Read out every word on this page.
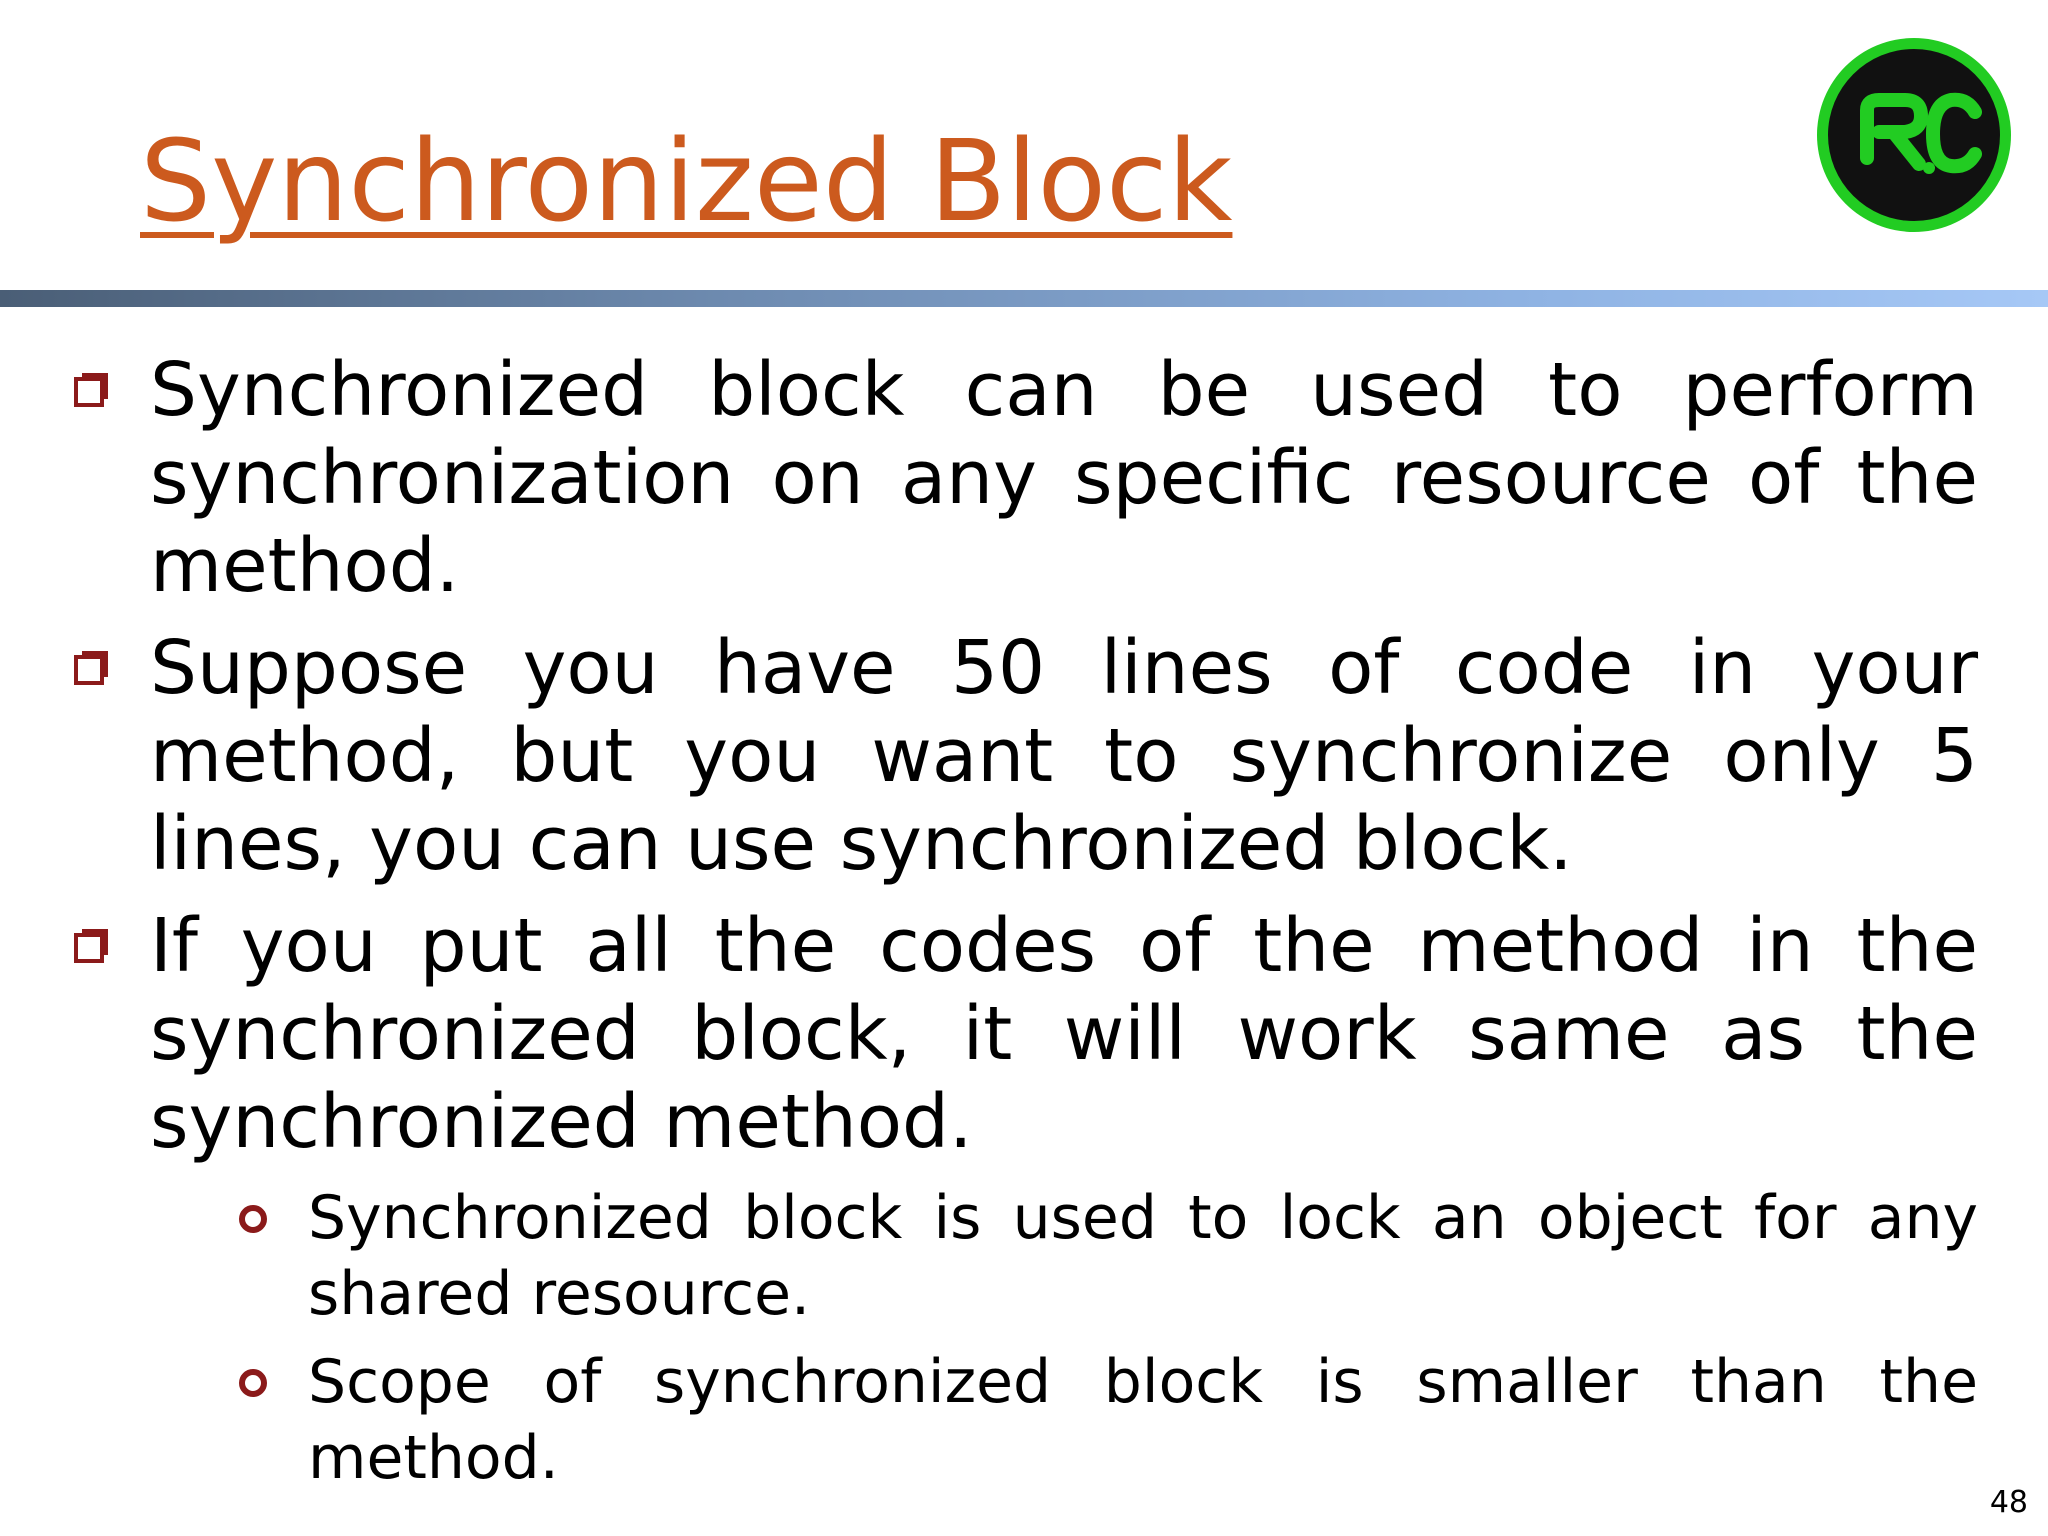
Synchronized Block
Synchronized block can be used to perform synchronization on any specific resource of the method.
Suppose you have 50 lines of code in your method, but you want to synchronize only 5 lines, you can use synchronized block.
If you put all the codes of the method in the synchronized block, it will work same as the synchronized method.
Synchronized block is used to lock an object for any shared resource.
Scope of synchronized block is smaller than the method.
48
